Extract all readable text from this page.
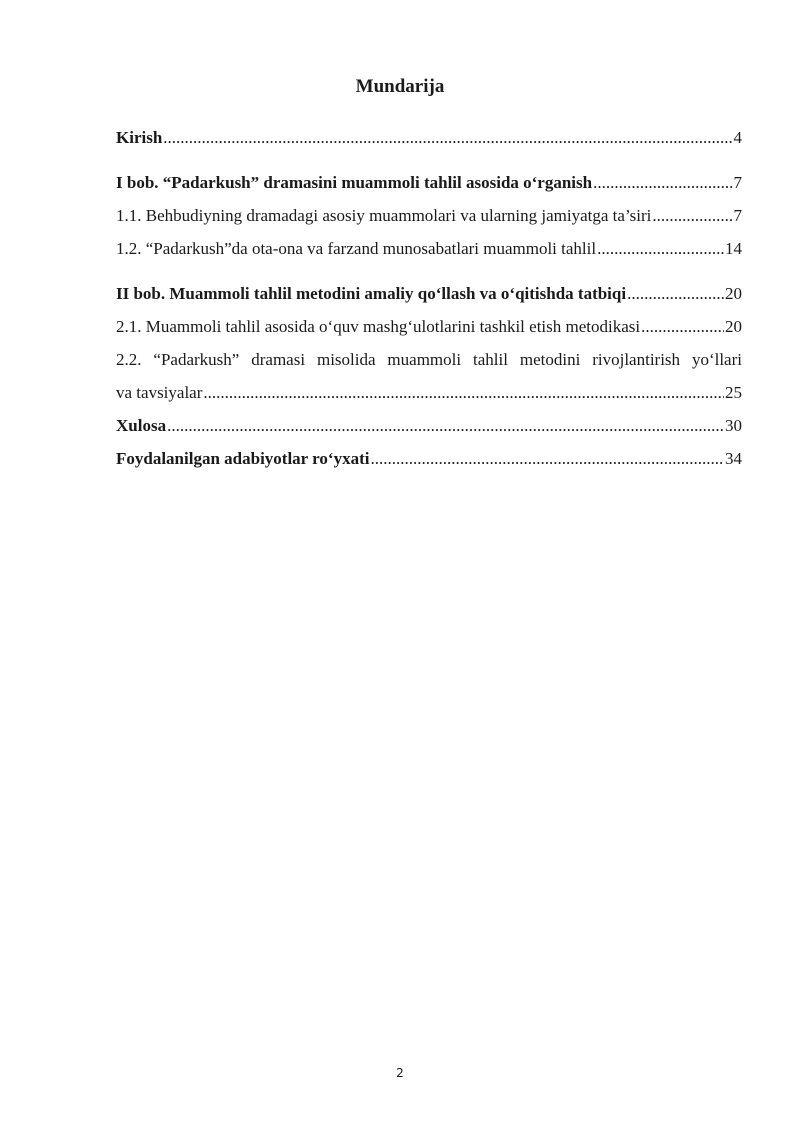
Mundarija
Kirish .....	4
I bob. “Padarkush” dramasini muammoli tahlil asosida o‘rganish .....	7
1.1. Behbudiyning dramadagi asosiy muammolari va ularning jamiyatga ta’siri .....	7
1.2. “Padarkush”da ota-ona va farzand munosabatlari muammoli tahlil .....	14
II bob. Muammoli tahlil metodini amaliy qo‘llash va o‘qitishda tatbiqi .....	20
2.1. Muammoli tahlil asosida o‘quv mashg‘ulotlarini tashkil etish metodikasi .....	20
2.2. “Padarkush” dramasi misolida muammoli tahlil metodini rivojlantirish yo‘llari
va tavsiyalar .....	25
Xulosa .....	30
Foydalanilgan adabiyotlar ro‘yxati .....	34
2
